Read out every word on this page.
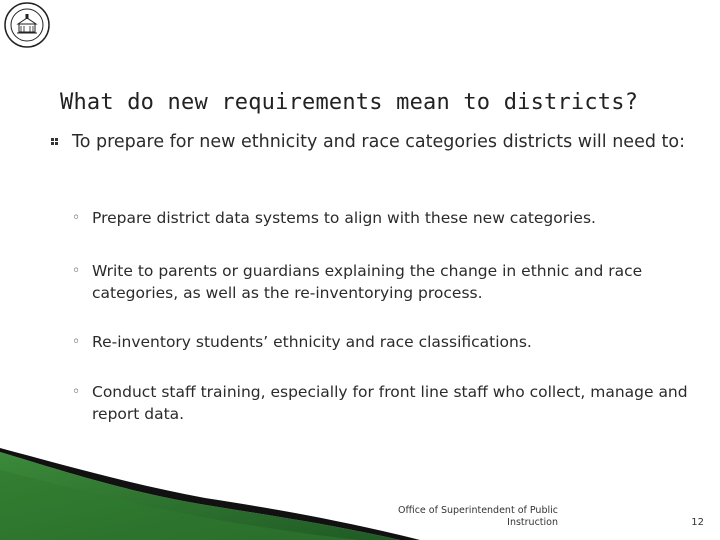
What do new requirements mean to districts?
To prepare for new ethnicity and race categories districts will need to:
◦ Prepare district data systems to align with these new categories.
◦ Write to parents or guardians explaining the change in ethnic and race categories, as well as the re-inventorying process.
◦ Re-inventory students’ ethnicity and race classifications.
◦ Conduct staff training, especially for front line staff who collect, manage and report data.
Office of Superintendent of Public
Instruction	12
